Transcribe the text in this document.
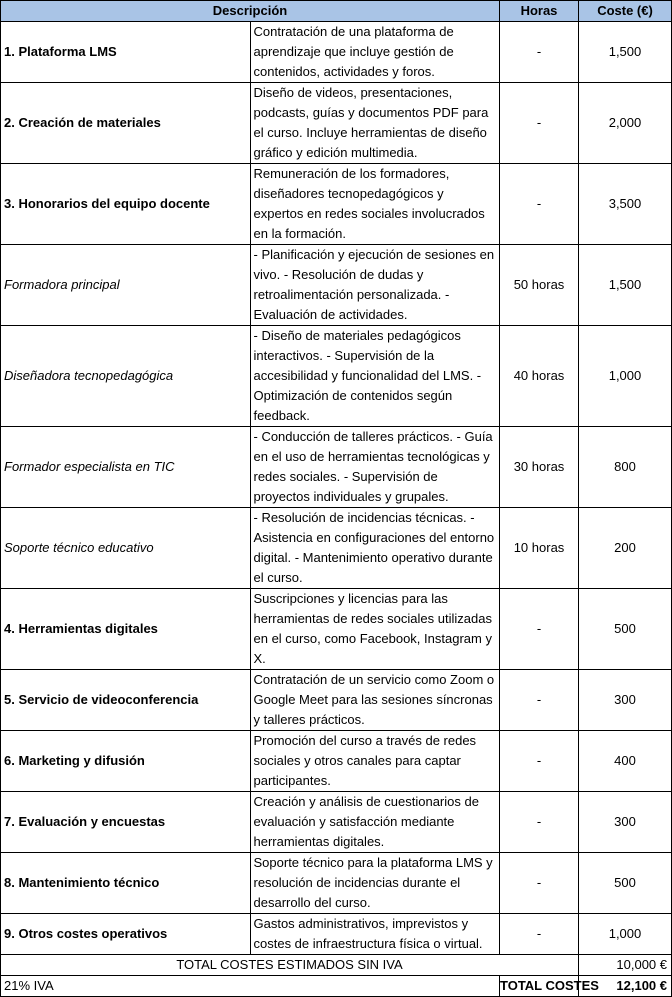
Descripción		Horas	Coste (€)
1. Plataforma LMS	Contratación de una plataforma de aprendizaje que incluye gestión de contenidos, actividades y foros.	-	1,500
2. Creación de materiales	Diseño de videos, presentaciones, podcasts, guías y documentos PDF para el curso. Incluye herramientas de diseño gráfico y edición multimedia.	-	2,000
3. Honorarios del equipo docente	Remuneración de los formadores, diseñadores tecnopedagógicos y expertos en redes sociales involucrados en la formación.	-	3,500
Formadora principal	- Planificación y ejecución de sesiones en vivo. - Resolución de dudas y retroalimentación personalizada. - Evaluación de actividades.	50 horas	1,500
Diseñadora tecnopedagógica	- Diseño de materiales pedagógicos interactivos. - Supervisión de la accesibilidad y funcionalidad del LMS. - Optimización de contenidos según feedback.	40 horas	1,000
Formador especialista en TIC	- Conducción de talleres prácticos. - Guía en el uso de herramientas tecnológicas y redes sociales. - Supervisión de proyectos individuales y grupales.	30 horas	800
Soporte técnico educativo	- Resolución de incidencias técnicas. - Asistencia en configuraciones del entorno digital. - Mantenimiento operativo durante el curso.	10 horas	200
4. Herramientas digitales	Suscripciones y licencias para las herramientas de redes sociales utilizadas en el curso, como Facebook, Instagram y X.	-	500
5. Servicio de videoconferencia	Contratación de un servicio como Zoom o Google Meet para las sesiones síncronas y talleres prácticos.	-	300
6. Marketing y difusión	Promoción del curso a través de redes sociales y otros canales para captar participantes.	-	400
7. Evaluación y encuestas	Creación y análisis de cuestionarios de evaluación y satisfacción mediante herramientas digitales.	-	300
8. Mantenimiento técnico	Soporte técnico para la plataforma LMS y resolución de incidencias durante el desarrollo del curso.	-	500
9. Otros costes operativos	Gastos administrativos, imprevistos y costes de infraestructura física o virtual.	-	1,000
TOTAL COSTES ESTIMADOS SIN IVA			10,000 €
21% IVA		TOTAL COSTES	12,100 €
